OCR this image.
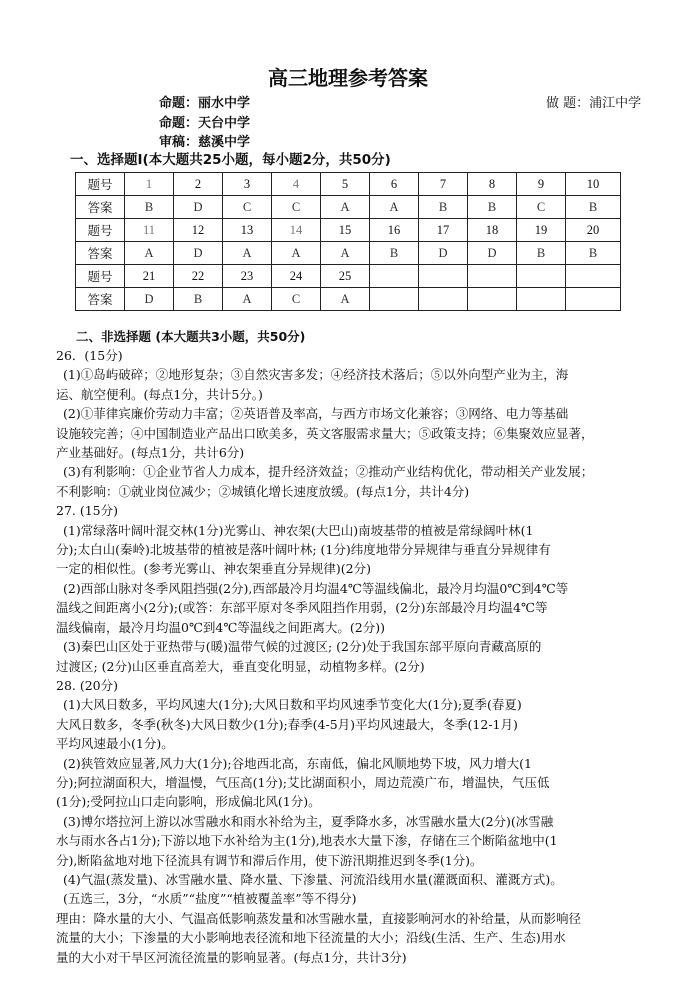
高三地理参考答案
命题：丽水中学
命题：天台中学
审稿：慈溪中学
做 题：浦江中学
一、选择题Ⅰ(本大题共25小题，每小题2分，共50分)
题号	1	2	3	4	5	6	7	8	9	10
答案	B	D	C	C	A	A	B	B	C	B
题号	11	12	13	14	15	16	17	18	19	20
答案	A	D	A	A	A	B	D	D	B	B
题号	21	22	23	24	25					
答案	D	B	A	C	A					
二、非选择题 (本大题共3小题，共50分)

26．(15分)

(1)①岛屿破碎；②地形复杂；③自然灾害多发；④经济技术落后；⑤以外向型产业为主，海

运、航空便利。(每点1分，共计5分。)

(2)①菲律宾廉价劳动力丰富；②英语普及率高，与西方市场文化兼容；③网络、电力等基础

设施较完善；④中国制造业产品出口欧美多，英文客服需求量大；⑤政策支持；⑥集聚效应显著，

产业基础好。(每点1分，共计6分)

(3)有利影响：①企业节省人力成本，提升经济效益；②推动产业结构优化，带动相关产业发展；

不利影响：①就业岗位减少；②城镇化增长速度放缓。(每点1分，共计4分)

27. (15分)

(1)常绿落叶阔叶混交林(1分)光雾山、神农架(大巴山)南坡基带的植被是常绿阔叶林(1

分);太白山(秦岭)北坡基带的植被是落叶阔叶林; (1分)纬度地带分异规律与垂直分异规律有

一定的相似性。(参考光雾山、神农架垂直分异规律)(2分)

(2)西部山脉对冬季风阻挡强(2分),西部最冷月均温4℃等温线偏北，最冷月均温0℃到4℃等

温线之间距离小(2分);(或答：东部平原对冬季风阻挡作用弱，(2分)东部最冷月均温4℃等

温线偏南，最冷月均温0℃到4℃等温线之间距离大。(2分))

(3)秦巴山区处于亚热带与(暖)温带气候的过渡区; (2分)处于我国东部平原向青藏高原的

过渡区; (2分)山区垂直高差大，垂直变化明显，动植物多样。(2分)

28. (20分)

(1)大风日数多，平均风速大(1分);大风日数和平均风速季节变化大(1分);夏季(春夏)

大风日数多，冬季(秋冬)大风日数少(1分);春季(4-5月)平均风速最大，冬季(12-1月)

平均风速最小(1分)。

(2)狭管效应显著,风力大(1分);谷地西北高，东南低，偏北风顺地势下坡，风力增大(1

分);阿拉湖面积大，增温慢，气压高(1分);艾比湖面积小，周边荒漠广布，增温快，气压低

(1分);受阿拉山口走向影响，形成偏北风(1分)。

(3)博尔塔拉河上游以冰雪融水和雨水补给为主，夏季降水多，冰雪融水量大(2分)(冰雪融

水与雨水各占1分);下游以地下水补给为主(1分),地表水大量下渗，存储在三个断陷盆地中(1

分),断陷盆地对地下径流具有调节和滞后作用，使下游汛期推迟到冬季(1分)。

(4)气温(蒸发量)、冰雪融水量、降水量、下渗量、河流沿线用水量(灌溉面积、灌溉方式)。

(五选三，3分，“水质”“盐度”“植被覆盖率”等不得分)

理由：降水量的大小、气温高低影响蒸发量和冰雪融水量，直接影响河水的补给量，从而影响径

流量的大小；下渗量的大小影响地表径流和地下径流量的大小；沿线(生活、生产、生态)用水

量的大小对干旱区河流径流量的影响显著。(每点1分，共计3分)
